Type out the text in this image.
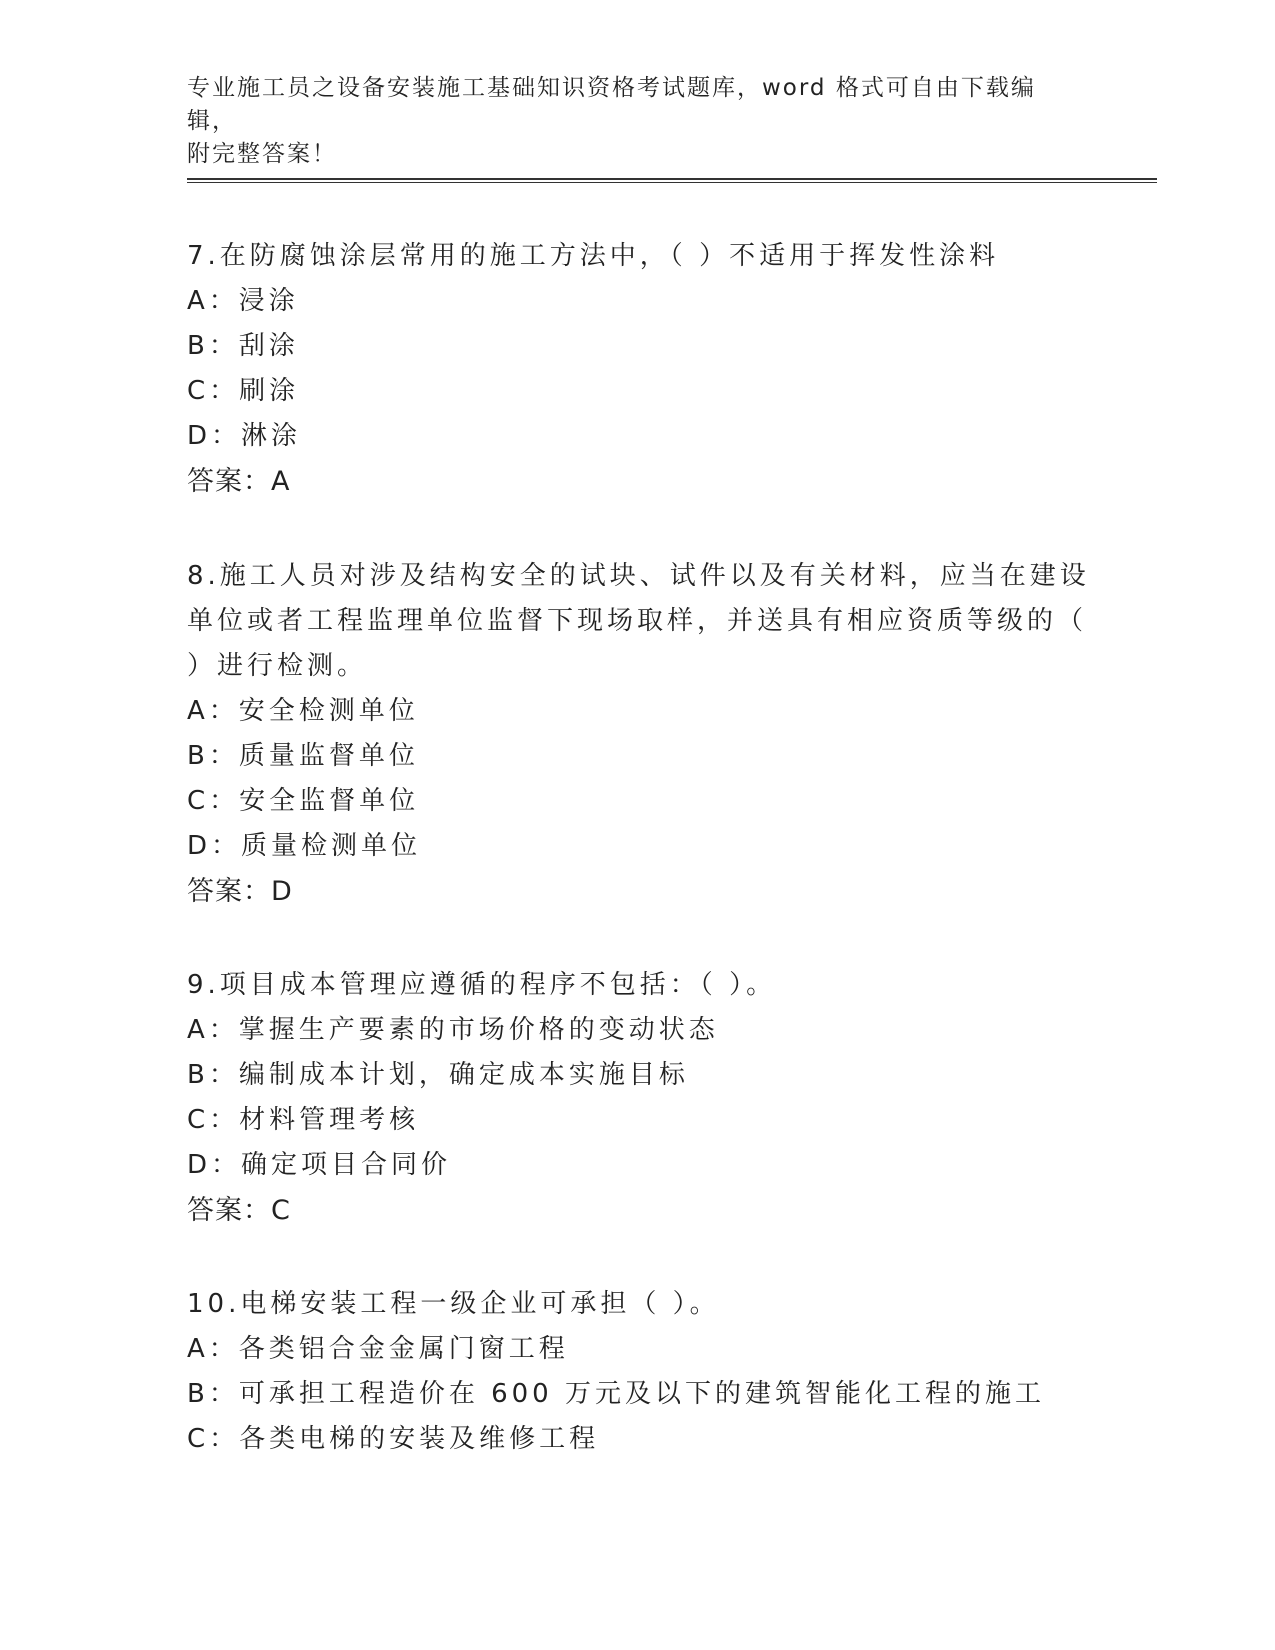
专业施工员之设备安装施工基础知识资格考试题库，word 格式可自由下载编辑，
附完整答案！
7.在防腐蚀涂层常用的施工方法中，（ ）不适用于挥发性涂料
A：浸涂
B：刮涂
C：刷涂
D：淋涂
答案：A
8.施工人员对涉及结构安全的试块、试件以及有关材料，应当在建设
单位或者工程监理单位监督下现场取样，并送具有相应资质等级的（
）进行检测。
A：安全检测单位
B：质量监督单位
C：安全监督单位
D：质量检测单位
答案：D
9.项目成本管理应遵循的程序不包括：（ ）。
A：掌握生产要素的市场价格的变动状态
B：编制成本计划，确定成本实施目标
C：材料管理考核
D：确定项目合同价
答案：C
10.电梯安装工程一级企业可承担（ ）。
A：各类铝合金金属门窗工程
B：可承担工程造价在 600 万元及以下的建筑智能化工程的施工
C：各类电梯的安装及维修工程
